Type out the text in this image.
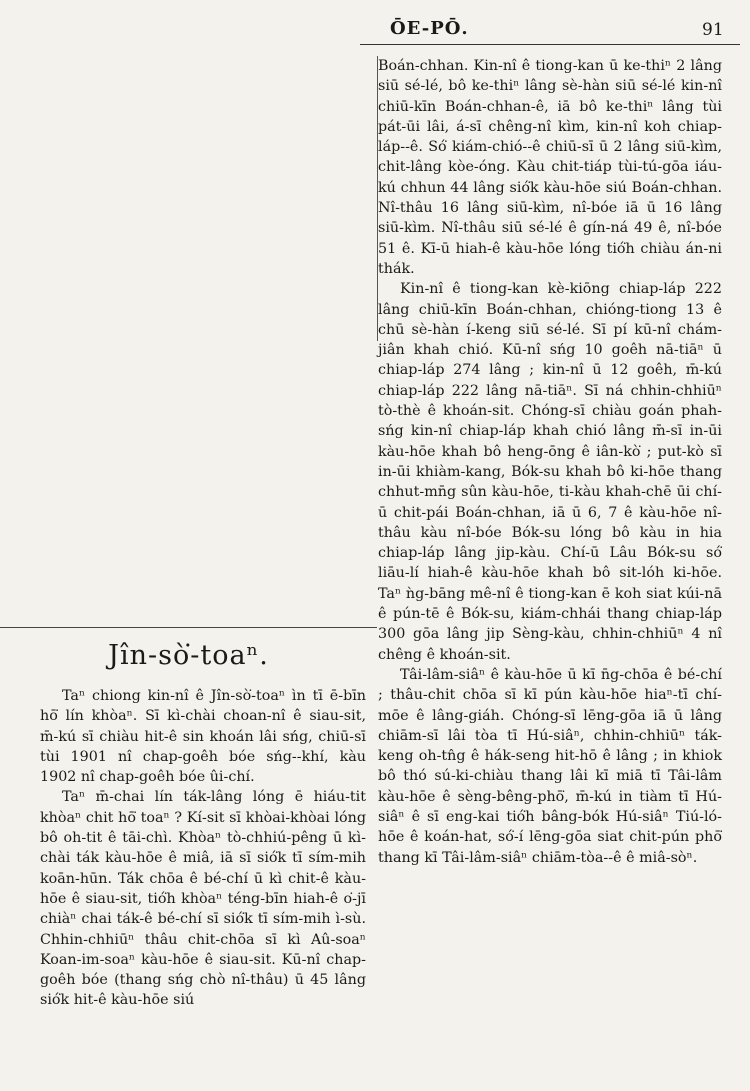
ŌE-PŌ.	91

Boán-chhan. Kin-nî ê tiong-kan ū ke-thiⁿ 2 lâng siū sé-lé, bô ke-thiⁿ lâng sè-hàn siū sé-lé kin-nî chiū-kīn Boán-chhan-ê, iā bô ke-thiⁿ lâng tùi pát-ūi lâi, á-sī chêng-nî kìm, kin-nî koh chiap-láp--ê. Só͘ kiám-chió--ê chiū-sī ū 2 lâng siū-kìm, chit-lâng kòe-óng. Kàu chit-tiáp tùi-tú-gōa iáu-kú chhun 44 lâng sió͘k kàu-hōe siú Boán-chhan. Nî-thâu 16 lâng siū-kìm, nî-bóe iā ū 16 lâng siū-kìm. Nî-thâu siū sé-lé ê gín-ná 49 ê, nî-bóe 51 ê. Kī-ū hiah-ê kàu-hōe lóng tió͘h chiàu án-ni thák.

Kin-nî ê tiong-kan kè-kiōng chiap-láp 222 lâng chiū-kīn Boán-chhan, chióng-tiong 13 ê chū sè-hàn í-keng siū sé-lé. Sī pí kū-nî chám-jiân khah chió. Kū-nî sńg 10 goêh nā-tiāⁿ ū chiap-láp 274 lâng ; kin-nî ū 12 goêh, m̄-kú chiap-láp 222 lâng nā-tiāⁿ. Sī ná chhin-chhiūⁿ tò-thè ê khoán-sit. Chóng-sī chiàu goán phah-sńg kin-nî chiap-láp khah chió lâng m̄-sī in-ūi kàu-hōe khah bô heng-ōng ê iân-kò͘ ; put-kò sī in-ūi khiàm-kang, Bók-su khah bô ki-hōe thang chhut-mn̄g sûn kàu-hōe, ti-kàu khah-chē ūi chí-ū chit-pái Boán-chhan, iā ū 6, 7 ê kàu-hōe nî-thâu kàu nî-bóe Bók-su lóng bô kàu in hia chiap-láp lâng jip-kàu. Chí-ū Lâu Bók-su só͘ liāu-lí hiah-ê kàu-hōe khah bô sit-lóh ki-hōe. Taⁿ ǹg-bāng mê-nî ê tiong-kan ē koh siat kúi-nā ê pún-tē ê Bók-su, kiám-chhái thang chiap-láp 300 gōa lâng jip Sèng-kàu, chhin-chhiūⁿ 4 nî chêng ê khoán-sit.

Tâi-lâm-siâⁿ ê kàu-hōe ū kī n̄g-chōa ê bé-chí ; thâu-chit chōa sī kī pún kàu-hōe hiaⁿ-tī chí-mōe ê lâng-giáh. Chóng-sī lēng-gōa iā ū lâng chiām-sī lâi tòa tī Hú-siâⁿ, chhin-chhiūⁿ ták-keng oh-tn̂g ê hák-seng hit-hō ê lâng ; in khiok bô thó sú-ki-chiàu thang lâi kī miā tī Tâi-lâm kàu-hōe ê sèng-bêng-phō͘, m̄-kú in tiàm tī Hú-siâⁿ ê sī eng-kai tió͘h bâng-bók Hú-siâⁿ Tiú-ló-hōe ê koán-hat, só͘-í lēng-gōa siat chit-pún phō͘ thang kī Tâi-lâm-siâⁿ chiām-tòa--ê ê miâ-sòⁿ.

Jîn-sò͘-toaⁿ.

Taⁿ chiong kin-nî ê Jîn-sò͘-toaⁿ ìn tī ē-bīn hō͘ lín khòaⁿ. Sī kì-chài choan-nî ê siau-sit, m̄-kú sī chiàu hit-ê sin khoán lâi sńg, chiū-sī tùi 1901 nî chap-goêh bóe sńg--khí, kàu 1902 nî chap-goêh bóe ûi-chí.

Taⁿ m̄-chai lín ták-lâng lóng ē hiáu-tit khòaⁿ chit hō͘ toaⁿ ? Kí-sit sī khòai-khòai lóng bô oh-tit ê tāi-chì. Khòaⁿ tò-chhiú-pêng ū kì-chài ták kàu-hōe ê miâ, iā sī sió͘k tī sím-mih koān-hūn. Ták chōa ê bé-chí ū kì chit-ê kàu-hōe ê siau-sit, tió͘h khòaⁿ téng-bīn hiah-ê o͘-jī chiàⁿ chai ták-ê bé-chí sī sió͘k tī sím-mih ì-sù. Chhin-chhiūⁿ thâu chit-chōa sī kì Aû-soaⁿ Koan-im-soaⁿ kàu-hōe ê siau-sit. Kū-nî chap-goêh bóe (thang sńg chò nî-thâu) ū 45 lâng sió͘k hit-ê kàu-hōe siú
